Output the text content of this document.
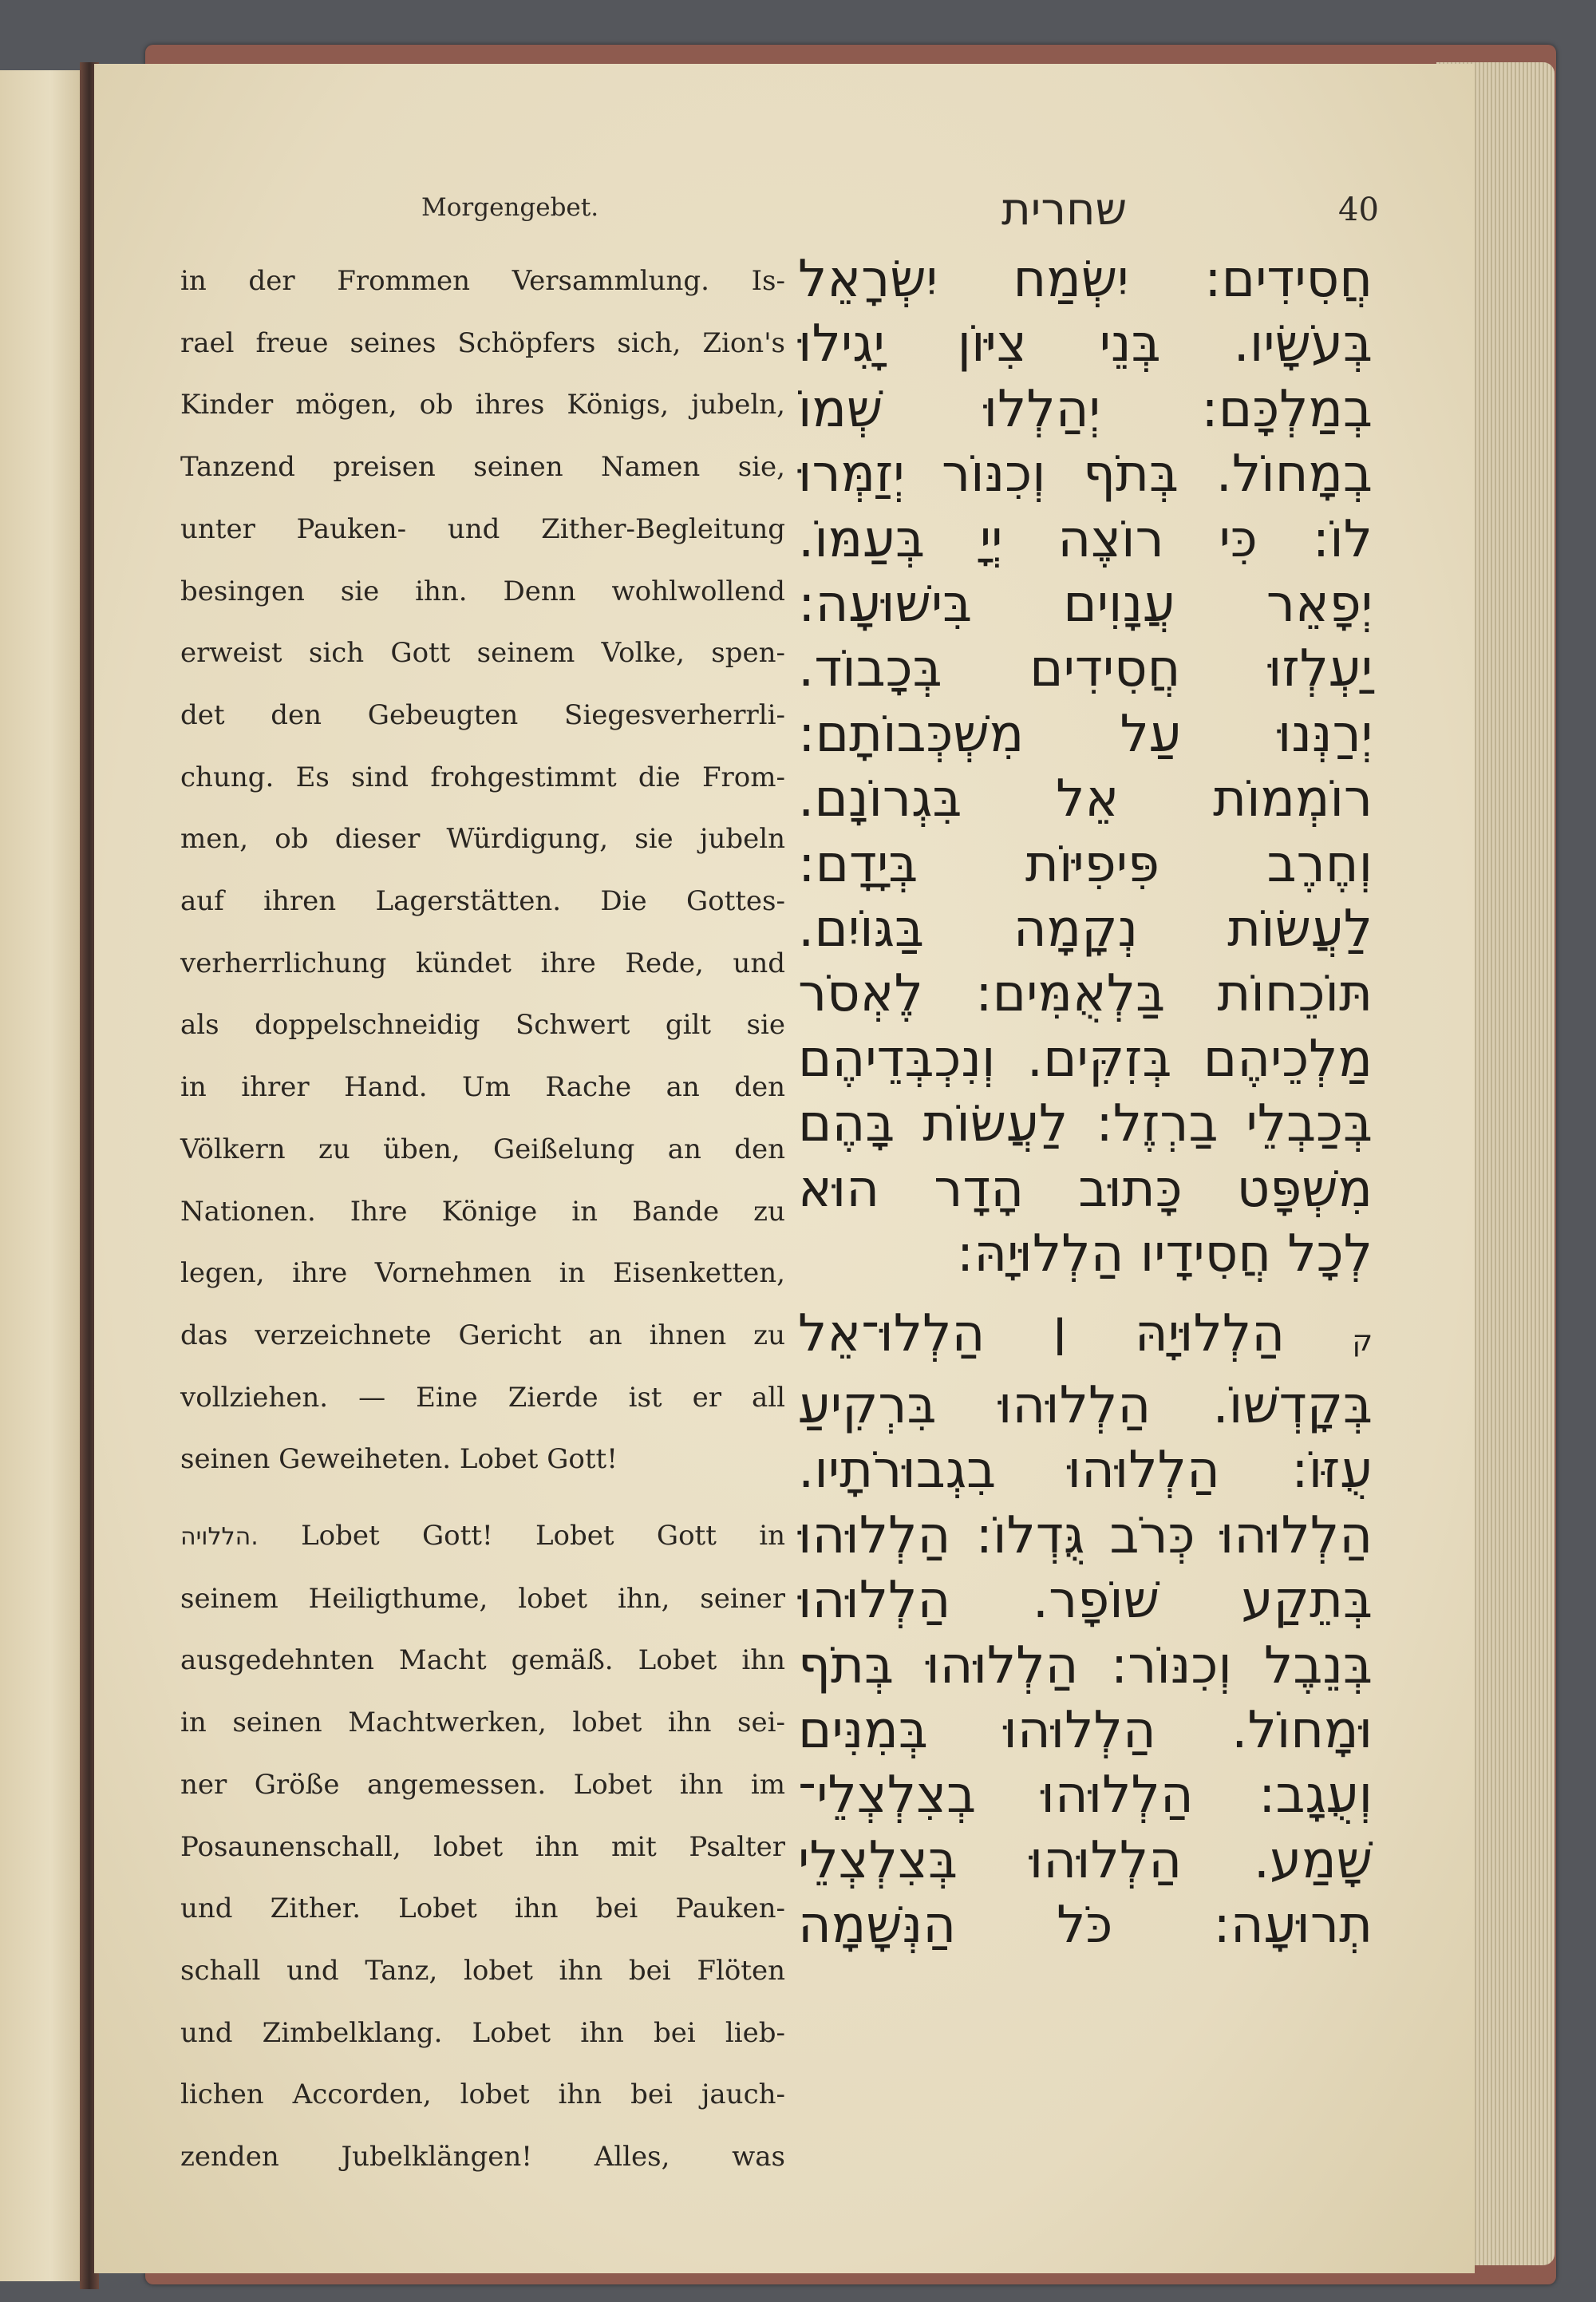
Morgengebet.	שחרית	40

in der Frommen Versammlung. Is-
rael freue seines Schöpfers sich, Zion's
Kinder mögen, ob ihres Königs, jubeln,
Tanzend preisen seinen Namen sie,
unter Pauken- und Zither-Begleitung
besingen sie ihn. Denn wohlwollend
erweist sich Gott seinem Volke, spen-
det den Gebeugten Siegesverherrli-
chung. Es sind frohgestimmt die From-
men, ob dieser Würdigung, sie jubeln
auf ihren Lagerstätten. Die Gottes-
verherrlichung kündet ihre Rede, und
als doppelschneidig Schwert gilt sie
in ihrer Hand. Um Rache an den
Völkern zu üben, Geißelung an den
Nationen. Ihre Könige in Bande zu
legen, ihre Vornehmen in Eisenketten,
das verzeichnete Gericht an ihnen zu
vollziehen. — Eine Zierde ist er all
seinen Geweiheten. Lobet Gott!

הללויה. Lobet Gott! Lobet Gott in
seinem Heiligthume, lobet ihn, seiner
ausgedehnten Macht gemäß. Lobet ihn
in seinen Machtwerken, lobet ihn sei-
ner Größe angemessen. Lobet ihn im
Posaunenschall, lobet ihn mit Psalter
und Zither. Lobet ihn bei Pauken-
schall und Tanz, lobet ihn bei Flöten
und Zimbelklang. Lobet ihn bei lieb-
lichen Accorden, lobet ihn bei jauch-
zenden Jubelklängen! Alles, was

חֲסִידִים: יִשְׂמַח יִשְׂרָאֵל
בְּעֹשָׂיו. בְּנֵי צִיּוֹן יָגִילוּ
בְמַלְכָּם: יְהַלְלוּ שְׁמוֹ
בְמָחוֹל. בְּתֹף וְכִנּוֹר יְזַמְּרוּ
לוֹ: כִּי רוֹצֶה יְיָ בְּעַמּוֹ.
יְפָאֵר עֲנָוִים בִּישׁוּעָה:
יַעְלְזוּ חֲסִידִים בְּכָבוֹד.
יְרַנְּנוּ עַל מִשְׁכְּבוֹתָם:
רוֹמְמוֹת אֵל בִּגְרוֹנָם.
וְחֶרֶב פִּיפִיּוֹת בְּיָדָם:
לַעֲשׂוֹת נְקָמָה בַּגּוֹיִם.
תּוֹכֵחוֹת בַּלְאֻמִּים: לֶאְסֹר
מַלְכֵיהֶם בְּזִקִּים. וְנִכְבְּדֵיהֶם
בְּכַבְלֵי בַרְזֶל: לַעֲשׂוֹת בָּהֶם
מִשְׁפָּט כָּתוּב הָדָר הוּא
לְכָל חֲסִידָיו הַלְלוּיָהּ:
ק הַלְלוּיָהּ ׀ הַלְלוּ־אֵל
בְּקָדְשׁוֹ. הַלְלוּהוּ בִּרְקִיעַ
עֻזּוֹ: הַלְלוּהוּ בִגְבוּרֹתָיו.
הַלְלוּהוּ כְּרֹב גֻּדְלוֹ: הַלְלוּהוּ
בְּתֵקַע שׁוֹפָר. הַלְלוּהוּ
בְּנֵבֶל וְכִנּוֹר: הַלְלוּהוּ בְּתֹף
וּמָחוֹל. הַלְלוּהוּ בְּמִנִּים
וְעֻגָב: הַלְלוּהוּ בְצִלְצְלֵי־
שָׁמַע. הַלְלוּהוּ בְּצִלְצְלֵי
תְרוּעָה: כֹּל הַנְּשָׁמָה
